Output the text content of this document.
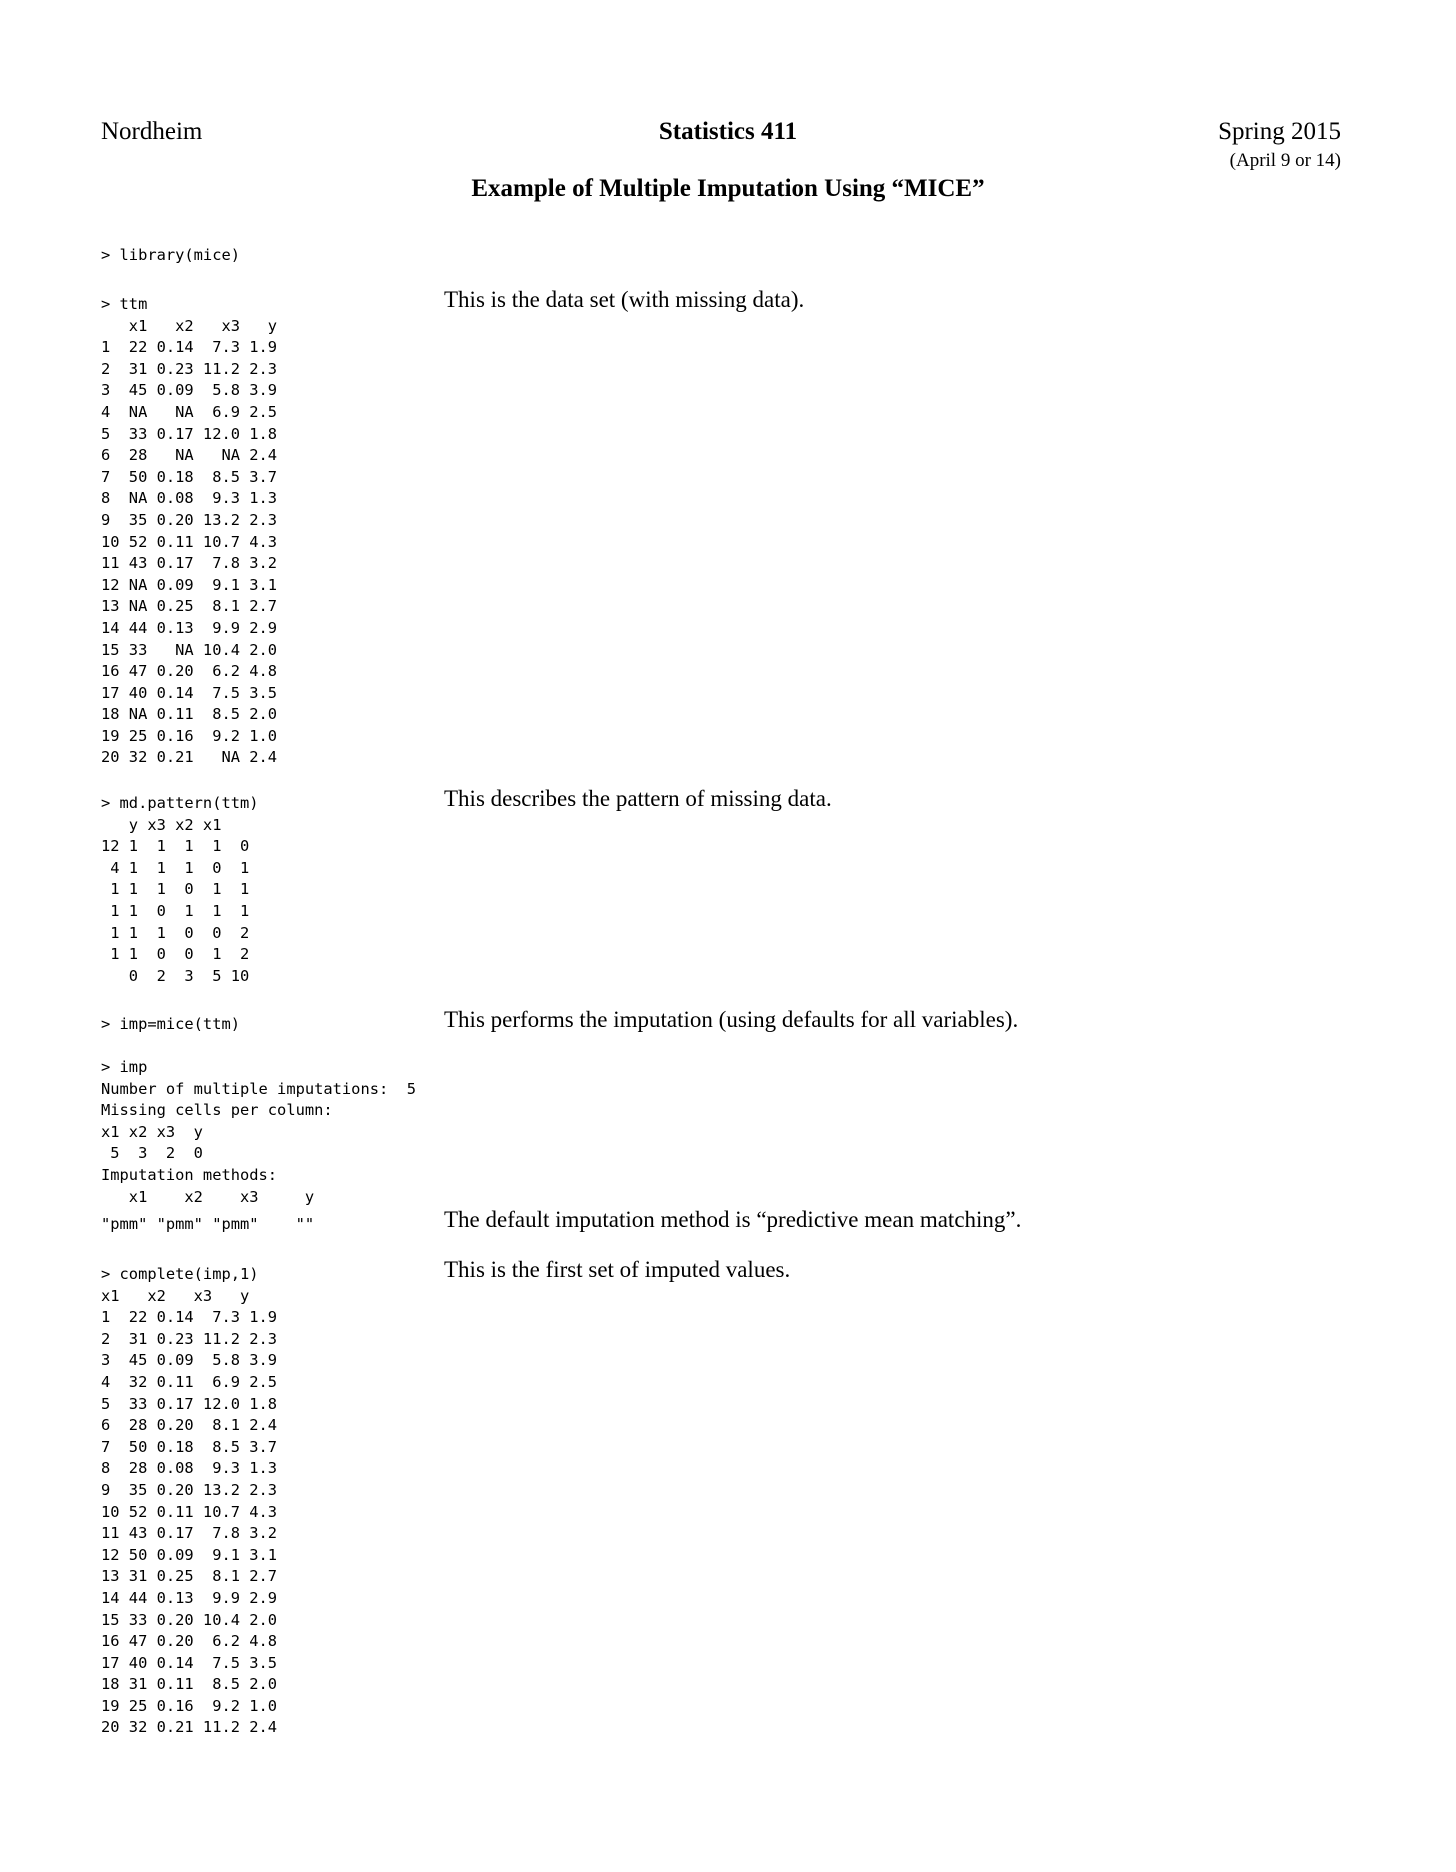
Nordheim	Statistics 411	Spring 2015
(April 9 or 14)
Example of Multiple Imputation Using “MICE”
> library(mice)
> ttm
x1   x2   x3   y
1  22 0.14  7.3 1.9
2  31 0.23 11.2 2.3
3  45 0.09  5.8 3.9
4  NA   NA  6.9 2.5
5  33 0.17 12.0 1.8
6  28   NA   NA 2.4
7  50 0.18  8.5 3.7
8  NA 0.08  9.3 1.3
9  35 0.20 13.2 2.3
10 52 0.11 10.7 4.3
11 43 0.17  7.8 3.2
12 NA 0.09  9.1 3.1
13 NA 0.25  8.1 2.7
14 44 0.13  9.9 2.9
15 33   NA 10.4 2.0
16 47 0.20  6.2 4.8
17 40 0.14  7.5 3.5
18 NA 0.11  8.5 2.0
19 25 0.16  9.2 1.0
20 32 0.21   NA 2.4
This is the data set (with missing data).
> md.pattern(ttm)
y x3 x2 x1
12 1  1  1  1  0
4 1  1  1  0  1
1 1  1  0  1  1
1 1  0  1  1  1
1 1  1  0  0  2
1 1  0  0  1  2
0  2  3  5 10
This describes the pattern of missing data.
> imp=mice(ttm)	This performs the imputation (using defaults for all variables).
> imp
Number of multiple imputations:  5
Missing cells per column:
x1 x2 x3  y
5  3  2  0
Imputation methods:
x1    x2    x3     y
"pmm" "pmm" "pmm"    ""	The default imputation method is “predictive mean matching”.
> complete(imp,1)
x1   x2   x3   y
1  22 0.14  7.3 1.9
2  31 0.23 11.2 2.3
3  45 0.09  5.8 3.9
4  32 0.11  6.9 2.5
5  33 0.17 12.0 1.8
6  28 0.20  8.1 2.4
7  50 0.18  8.5 3.7
8  28 0.08  9.3 1.3
9  35 0.20 13.2 2.3
10 52 0.11 10.7 4.3
11 43 0.17  7.8 3.2
12 50 0.09  9.1 3.1
13 31 0.25  8.1 2.7
14 44 0.13  9.9 2.9
15 33 0.20 10.4 2.0
16 47 0.20  6.2 4.8
17 40 0.14  7.5 3.5
18 31 0.11  8.5 2.0
19 25 0.16  9.2 1.0
20 32 0.21 11.2 2.4
This is the first set of imputed values.
